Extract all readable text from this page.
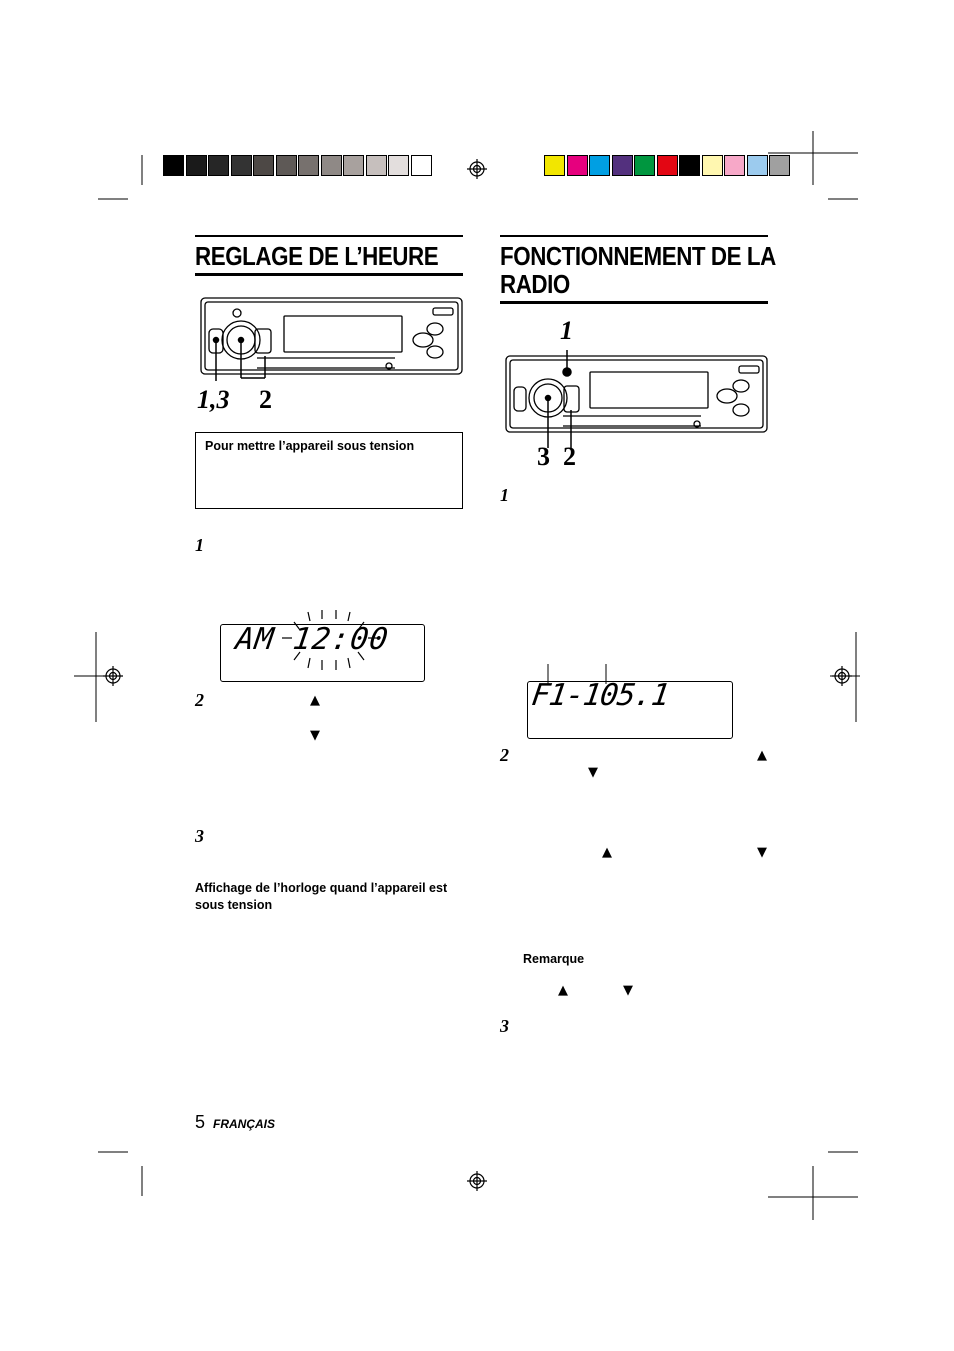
REGLAGE DE L’HEURE
1,3 2
Pour mettre l’appareil sous tension
1
AM 12:00
2	▲
▼
3
Affichage de l’horloge quand l’appareil est sous tension
5 FRANÇAIS
FONCTIONNEMENT DE LA
RADIO
1
3 2
1
F1-105.1
2	▲
▼
▲	▼
Remarque
▲	▼
3
